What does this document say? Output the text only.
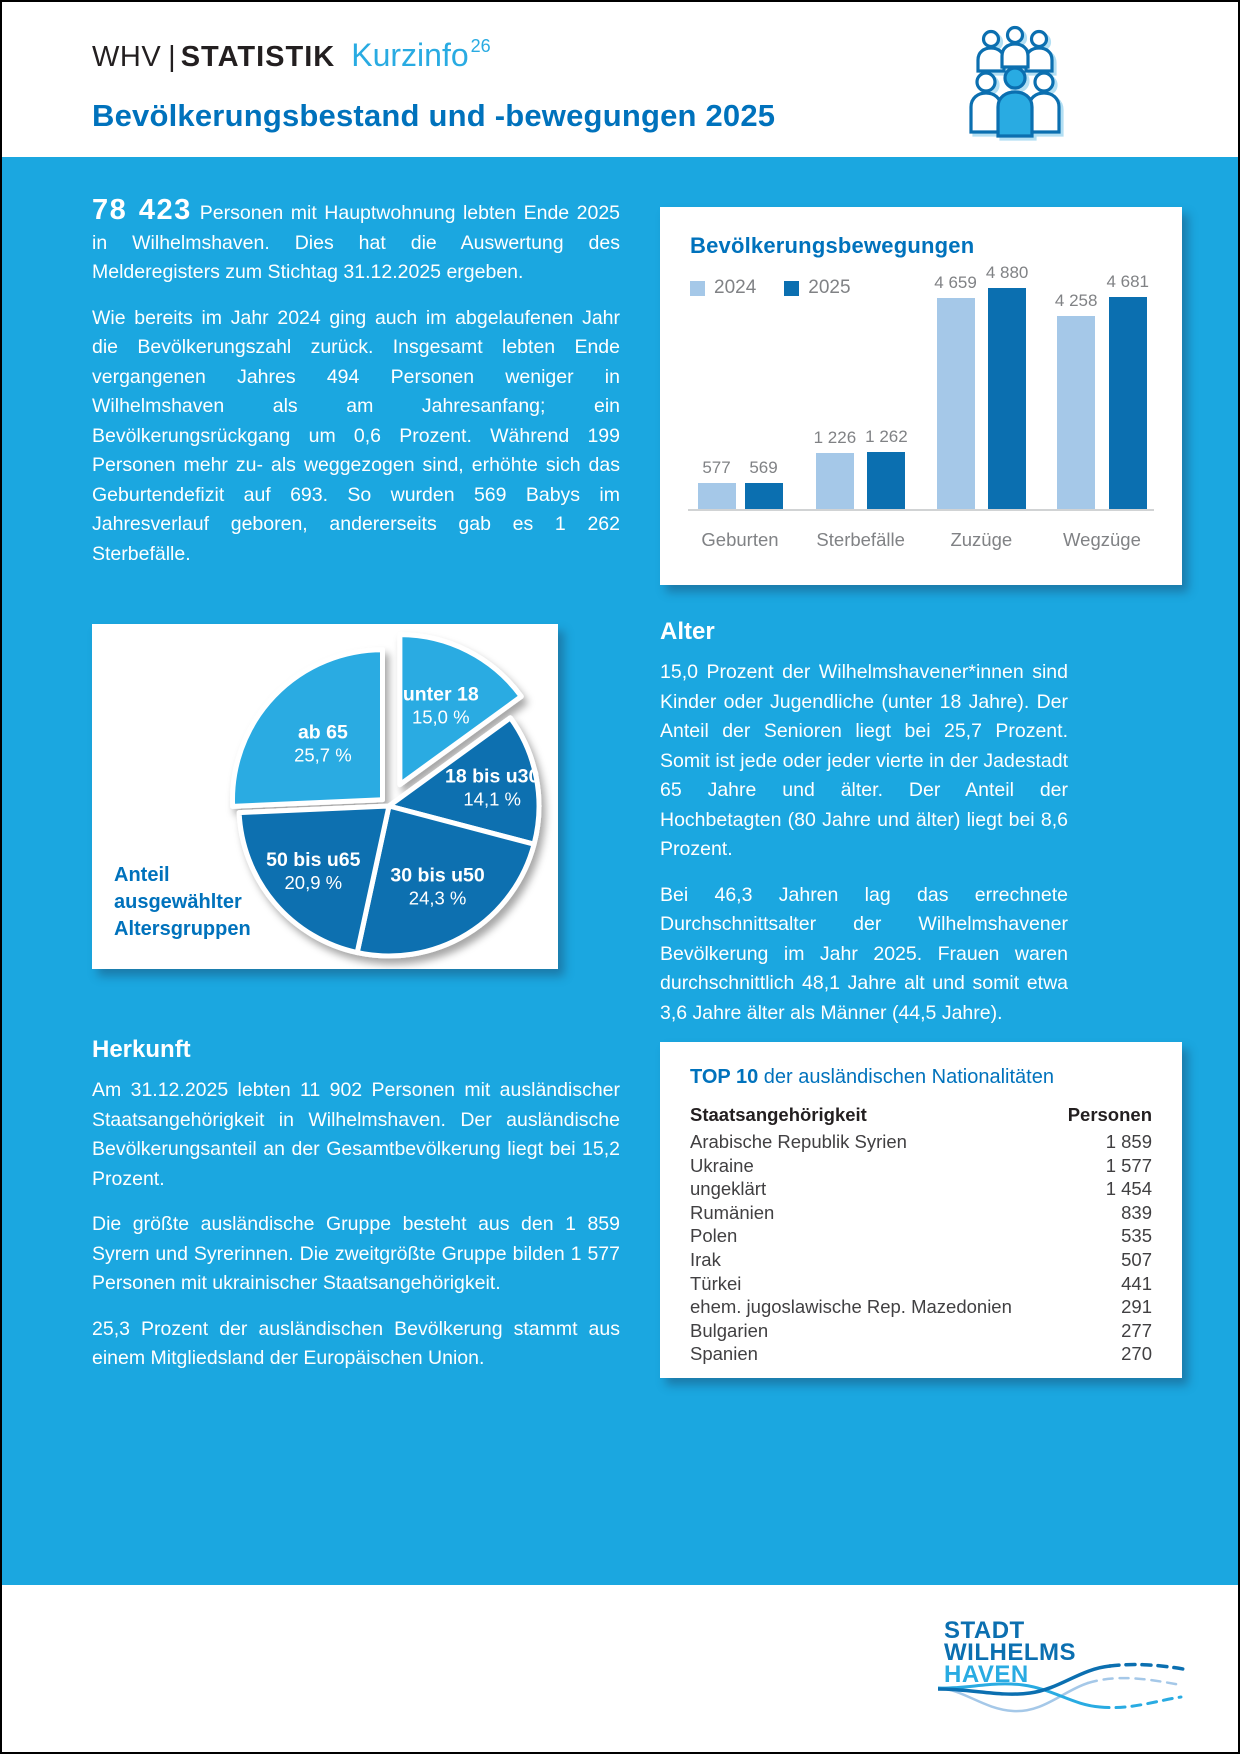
WHV | STATISTIK Kurzinfo $^{26}$
Bevölkerungsbestand und -bewegungen 2025

78 423 Personen mit Hauptwohnung lebten Ende 2025 in Wilhelmshaven. Dies hat die Auswertung des Melderegisters zum Stichtag 31.12.2025 ergeben.

Wie bereits im Jahr 2024 ging auch im abgelaufenen Jahr die Bevölkerungszahl zurück. Insgesamt lebten Ende vergangenen Jahres 494 Personen weniger in Wilhelmshaven als am Jahresanfang; ein Bevölkerungsrückgang um 0,6 Prozent. Während 199 Personen mehr zu- als weggezogen sind, erhöhte sich das Geburtendefizit auf 693. So wurden 569 Babys im Jahresverlauf geboren, andererseits gab es 1 262 Sterbefälle.

Bevölkerungsbewegungen
2024	2025
577 569
1 226 1 262
4 659
4 880
4 258
4 681
Geburten	Sterbefälle	Zuzüge	Wegzüge
unter 18
15,0 %
18 bis u30
14,1 %
30 bis u50
24,3 %
50 bis u65
20,9 %
ab 65
25,7 %
Anteil ausgewählter Altersgruppen
Alter

15,0 Prozent der Wilhelmshavener*innen sind Kinder oder Jugendliche (unter 18 Jahre). Der Anteil der Senioren liegt bei 25,7 Prozent. Somit ist jede oder jeder vierte in der Jadestadt 65 Jahre und älter. Der Anteil der Hochbetagten (80 Jahre und älter) liegt bei 8,6 Prozent.

Bei 46,3 Jahren lag das errechnete Durchschnittsalter der Wilhelmshavener Bevölkerung im Jahr 2025. Frauen waren durchschnittlich 48,1 Jahre alt und somit etwa 3,6 Jahre älter als Männer (44,5 Jahre).

Herkunft

Am 31.12.2025 lebten 11 902 Personen mit ausländischer Staatsangehörigkeit in Wilhelmshaven. Der ausländische Bevölkerungsanteil an der Gesamtbevölkerung liegt bei 15,2 Prozent.

Die größte ausländische Gruppe besteht aus den 1 859 Syrern und Syrerinnen. Die zweitgrößte Gruppe bilden 1 577 Personen mit ukrainischer Staatsangehörigkeit.

25,3 Prozent der ausländischen Bevölkerung stammt aus einem Mitgliedsland der Europäischen Union.

TOP 10 der ausländischen Nationalitäten
Staatsangehörigkeit	Personen
Arabische Republik Syrien	1 859
Ukraine	1 577
ungeklärt	1 454
Rumänien	839
Polen	535
Irak	507
Türkei	441
ehem. jugoslawische Rep. Mazedonien	291
Bulgarien	277
Spanien	270
STADT
WILHELMS
HAVEN
